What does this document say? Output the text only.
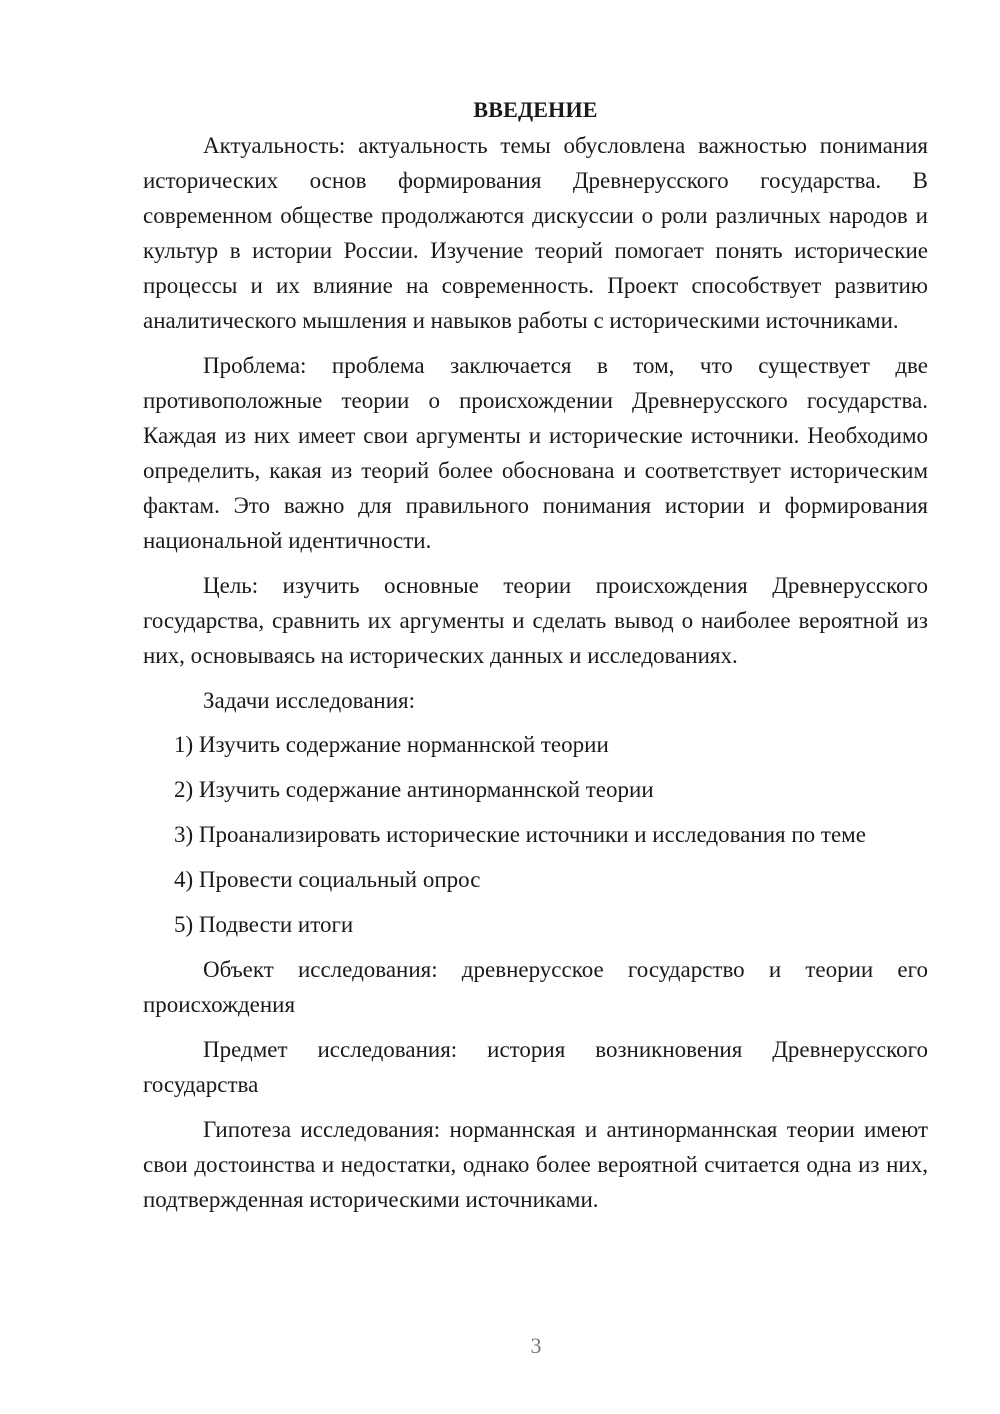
ВВЕДЕНИЕ

Актуальность: актуальность темы обусловлена важностью понимания исторических основ формирования Древнерусского государства. В современном обществе продолжаются дискуссии о роли различных народов и культур в истории России. Изучение теорий помогает понять исторические процессы и их влияние на современность. Проект способствует развитию аналитического мышления и навыков работы с историческими источниками.

Проблема: проблема заключается в том, что существует две противоположные теории о происхождении Древнерусского государства. Каждая из них имеет свои аргументы и исторические источники. Необходимо определить, какая из теорий более обоснована и соответствует историческим фактам. Это важно для правильного понимания истории и формирования национальной идентичности.

Цель: изучить основные теории происхождения Древнерусского государства, сравнить их аргументы и сделать вывод о наиболее вероятной из них, основываясь на исторических данных и исследованиях.

Задачи исследования:

1) Изучить содержание норманнской теории
2) Изучить содержание антинорманнской теории
3) Проанализировать исторические источники и исследования по теме
4) Провести социальный опрос
5) Подвести итоги

Объект исследования: древнерусское государство и теории его происхождения

Предмет исследования: история возникновения Древнерусского государства

Гипотеза исследования: норманнская и антинорманнская теории имеют свои достоинства и недостатки, однако более вероятной считается одна из них, подтвержденная историческими источниками.

3
